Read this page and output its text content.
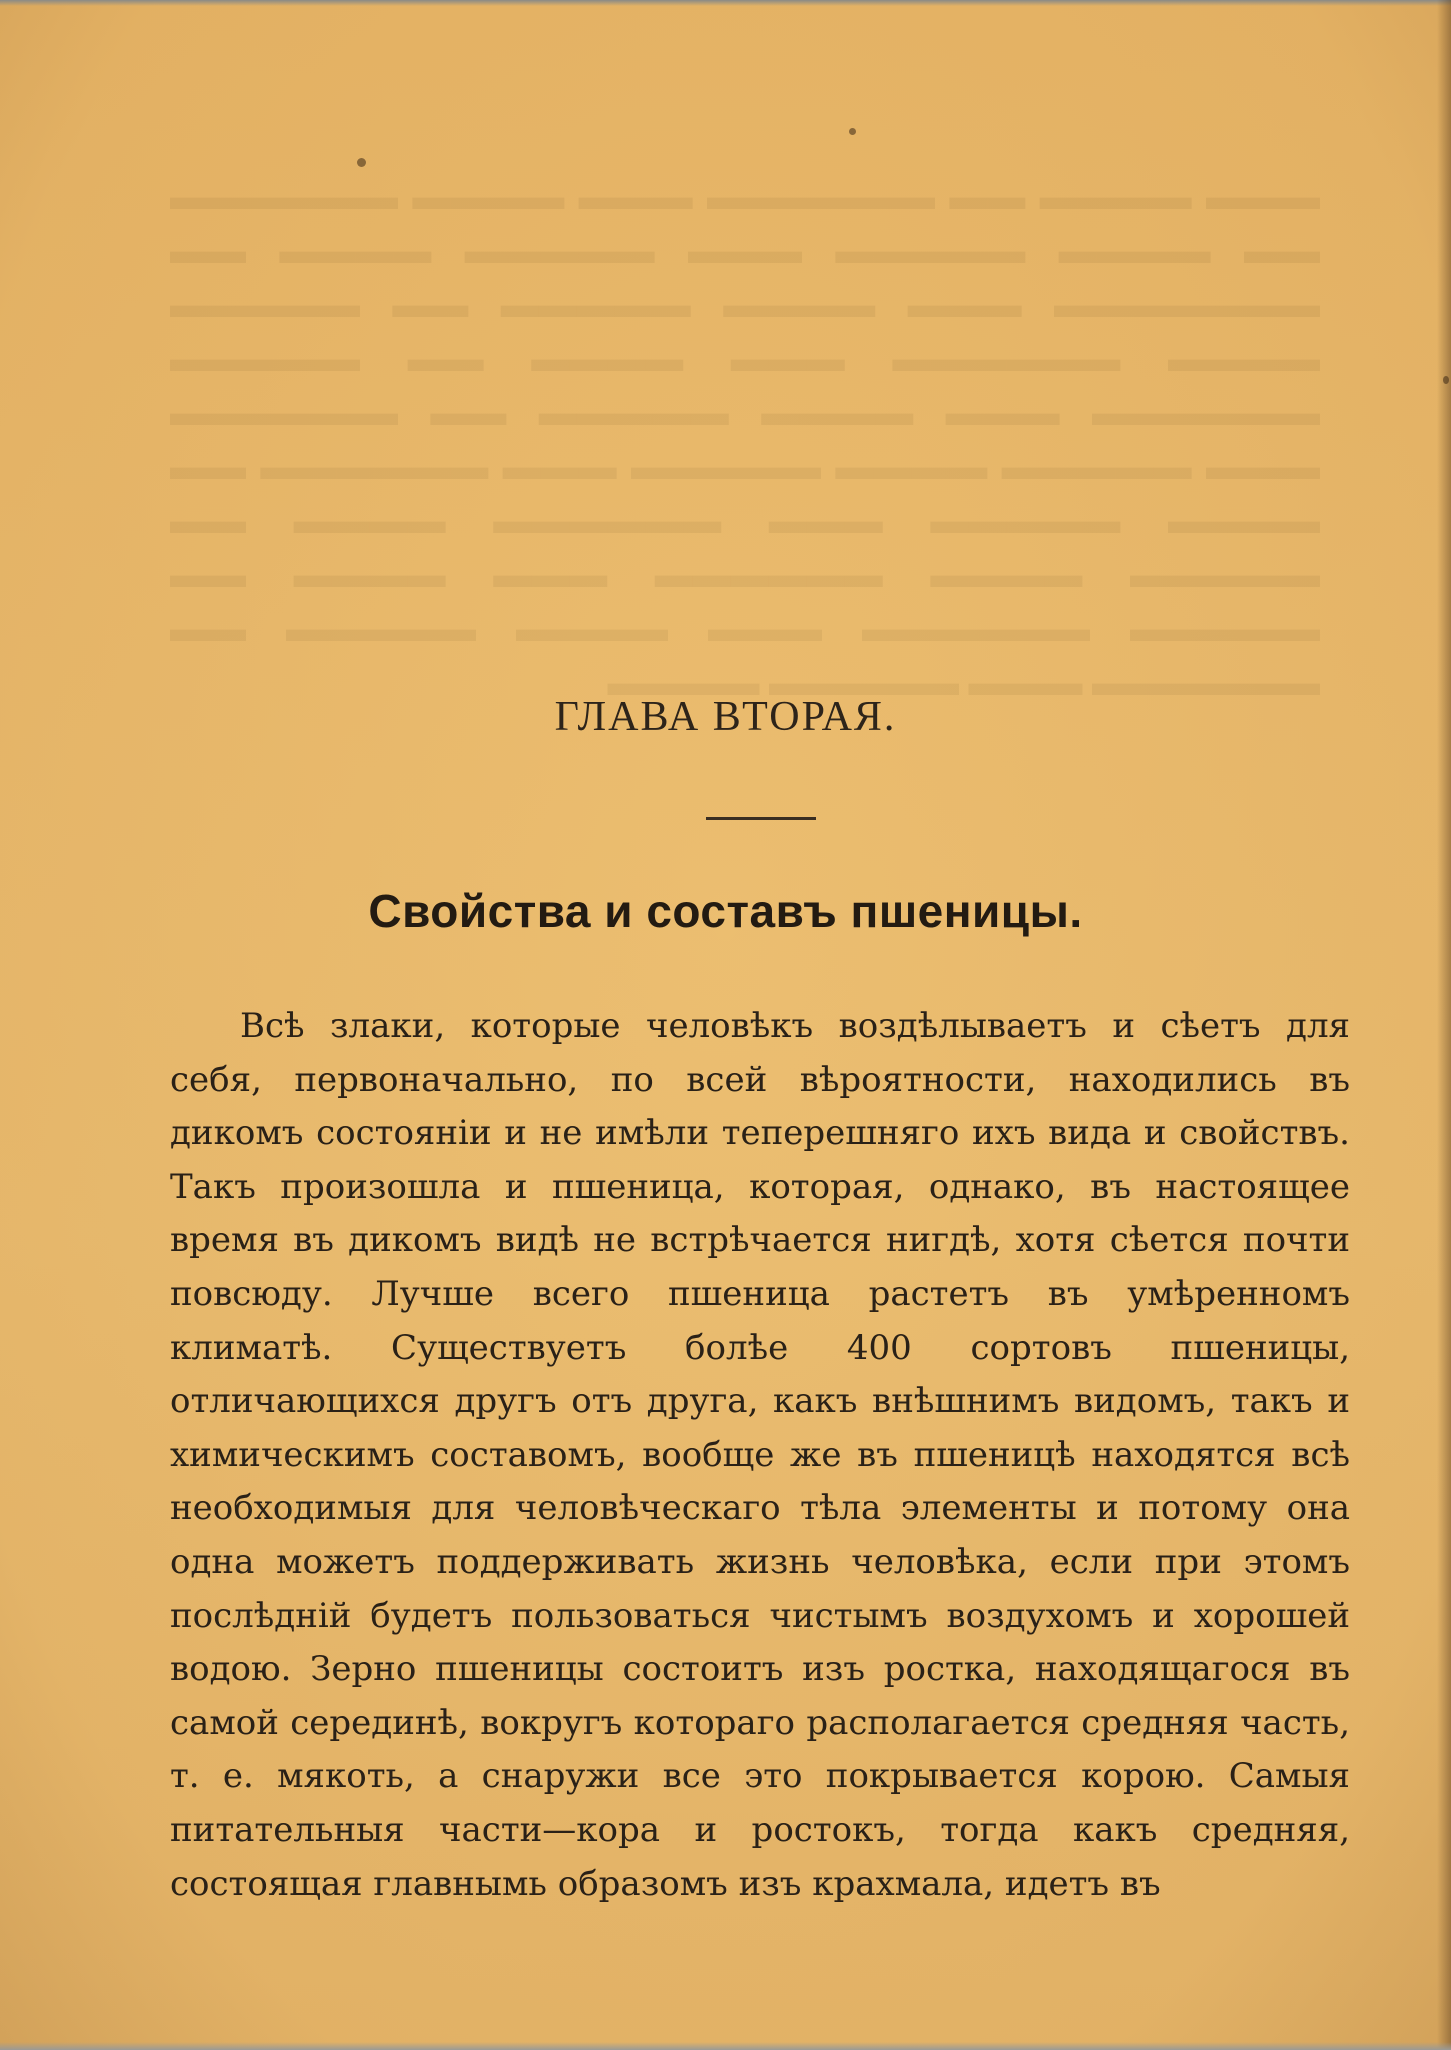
▬▬▬ ▬▬▬▬ ▬▬ ▬▬▬▬▬▬ ▬▬▬ ▬▬▬▬ ▬▬▬▬▬▬ ▬▬ ▬▬▬▬ ▬▬▬▬▬ ▬▬▬ ▬▬▬▬▬ ▬▬▬▬ ▬▬ ▬▬▬▬▬▬▬ ▬▬▬ ▬▬▬▬ ▬▬▬▬▬ ▬▬ ▬▬▬▬▬ ▬▬▬▬ ▬▬▬▬▬▬ ▬▬▬ ▬▬▬▬ ▬▬ ▬▬▬▬▬ ▬▬▬▬▬▬ ▬▬▬ ▬▬▬▬ ▬▬▬▬▬ ▬▬ ▬▬▬▬▬▬ ▬▬▬ ▬▬▬▬▬ ▬▬▬▬ ▬▬▬▬▬ ▬▬▬ ▬▬▬▬▬▬ ▬▬ ▬▬▬▬ ▬▬▬▬▬ ▬▬▬ ▬▬▬▬▬▬ ▬▬▬▬ ▬▬ ▬▬▬▬▬ ▬▬▬▬ ▬▬▬▬▬▬ ▬▬▬ ▬▬▬▬ ▬▬ ▬▬▬▬▬ ▬▬▬▬▬▬ ▬▬▬ ▬▬▬▬ ▬▬▬▬▬ ▬▬ ▬▬▬▬▬▬ ▬▬▬ ▬▬▬▬▬ ▬▬▬▬
ГЛАВА ВТОРАЯ.
Свойства и составъ пшеницы.

Всѣ злаки, которые человѣкъ воздѣлываетъ и сѣетъ для себя, первоначально, по всей вѣроятности, находились въ дикомъ состоянiи и не имѣли теперешняго ихъ вида и свойствъ. Такъ произошла и пшеница, которая, однако, въ настоящее время въ дикомъ видѣ не встрѣчается нигдѣ, хотя сѣется почти повсюду. Лучше всего пшеница растетъ въ умѣренномъ климатѣ. Существуетъ болѣе 400 сортовъ пшеницы, отличающихся другъ отъ друга, какъ внѣшнимъ видомъ, такъ и химическимъ составомъ, вообще же въ пшеницѣ находятся всѣ необходимыя для человѣческаго тѣла элементы и потому она одна можетъ поддерживать жизнь человѣка, если при этомъ послѣднiй будетъ пользоваться чистымъ воздухомъ и хорошей водою. Зерно пшеницы состоитъ изъ ростка, находящагося въ самой серединѣ, вокругъ котораго располагается средняя часть, т. е. мякоть, а снаружи все это покрывается корою. Самыя питательныя части—кора и ростокъ, тогда какъ средняя, состоящая главнымь образомъ изъ крахмала, идетъ въ
